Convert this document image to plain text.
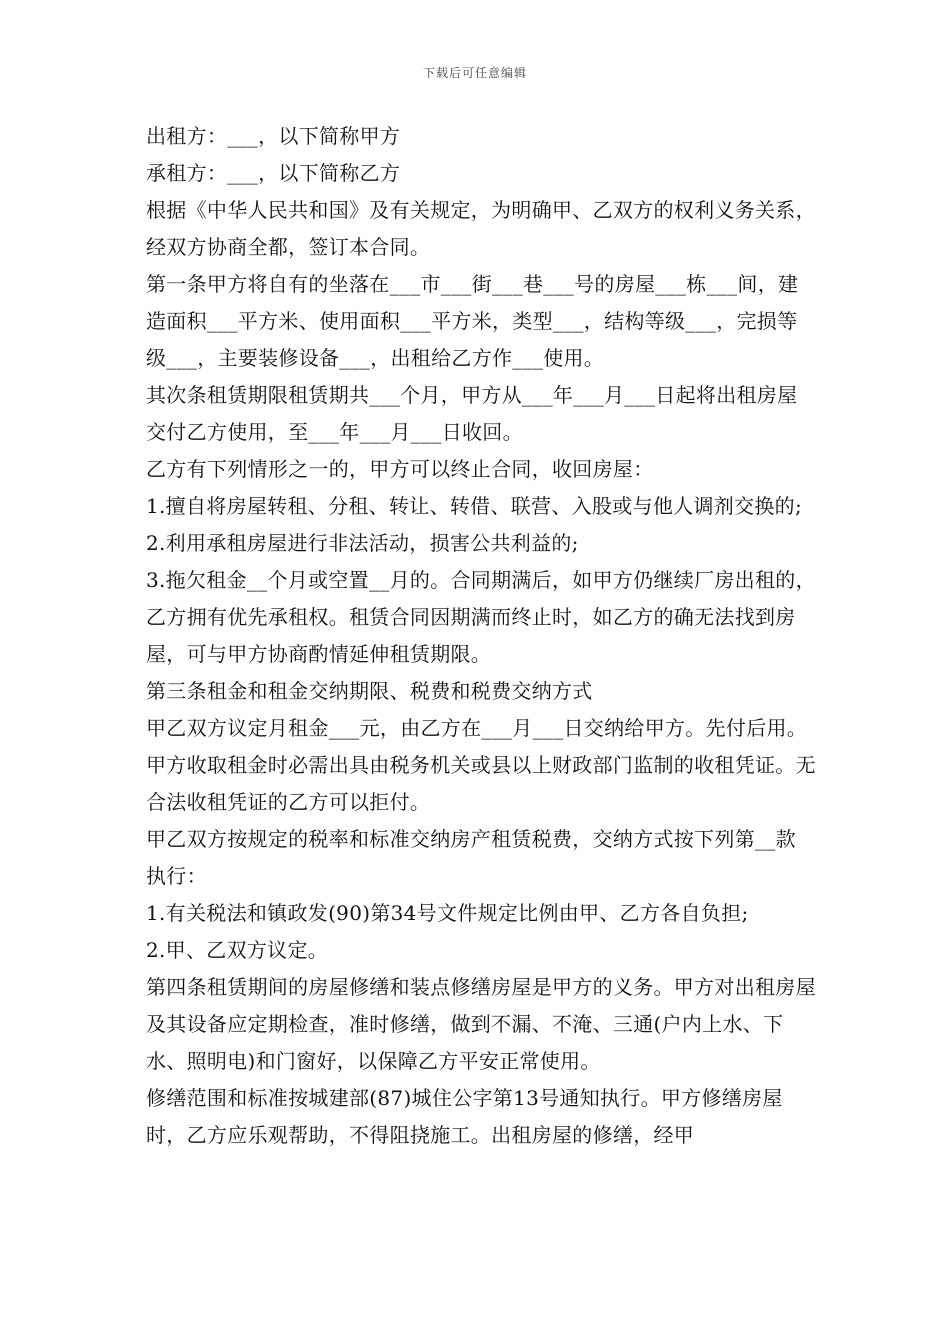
下载后可任意编辑

出租方：___，以下简称甲方

承租方：___，以下简称乙方

根据《中华人民共和国》及有关规定，为明确甲、乙双方的权利义务关系，经双方协商全都，签订本合同。

第一条甲方将自有的坐落在___市___街___巷___号的房屋___栋___间，建造面积___平方米、使用面积___平方米，类型___，结构等级___，完损等级___，主要装修设备___，出租给乙方作___使用。

其次条租赁期限租赁期共___个月，甲方从___年___月___日起将出租房屋交付乙方使用，至___年___月___日收回。

乙方有下列情形之一的，甲方可以终止合同，收回房屋：

1.擅自将房屋转租、分租、转让、转借、联营、入股或与他人调剂交换的;

2.利用承租房屋进行非法活动，损害公共利益的;

3.拖欠租金__个月或空置__月的。合同期满后，如甲方仍继续厂房出租的，乙方拥有优先承租权。租赁合同因期满而终止时，如乙方的确无法找到房屋，可与甲方协商酌情延伸租赁期限。

第三条租金和租金交纳期限、税费和税费交纳方式

甲乙双方议定月租金___元，由乙方在___月___日交纳给甲方。先付后用。甲方收取租金时必需出具由税务机关或县以上财政部门监制的收租凭证。无合法收租凭证的乙方可以拒付。

甲乙双方按规定的税率和标准交纳房产租赁税费，交纳方式按下列第__款执行：

1.有关税法和镇政发(90)第34号文件规定比例由甲、乙方各自负担;

2.甲、乙双方议定。

第四条租赁期间的房屋修缮和装点修缮房屋是甲方的义务。甲方对出租房屋及其设备应定期检查，准时修缮，做到不漏、不淹、三通(户内上水、下水、照明电)和门窗好，以保障乙方平安正常使用。

修缮范围和标准按城建部(87)城住公字第13号通知执行。甲方修缮房屋时，乙方应乐观帮助，不得阻挠施工。出租房屋的修缮，经甲
